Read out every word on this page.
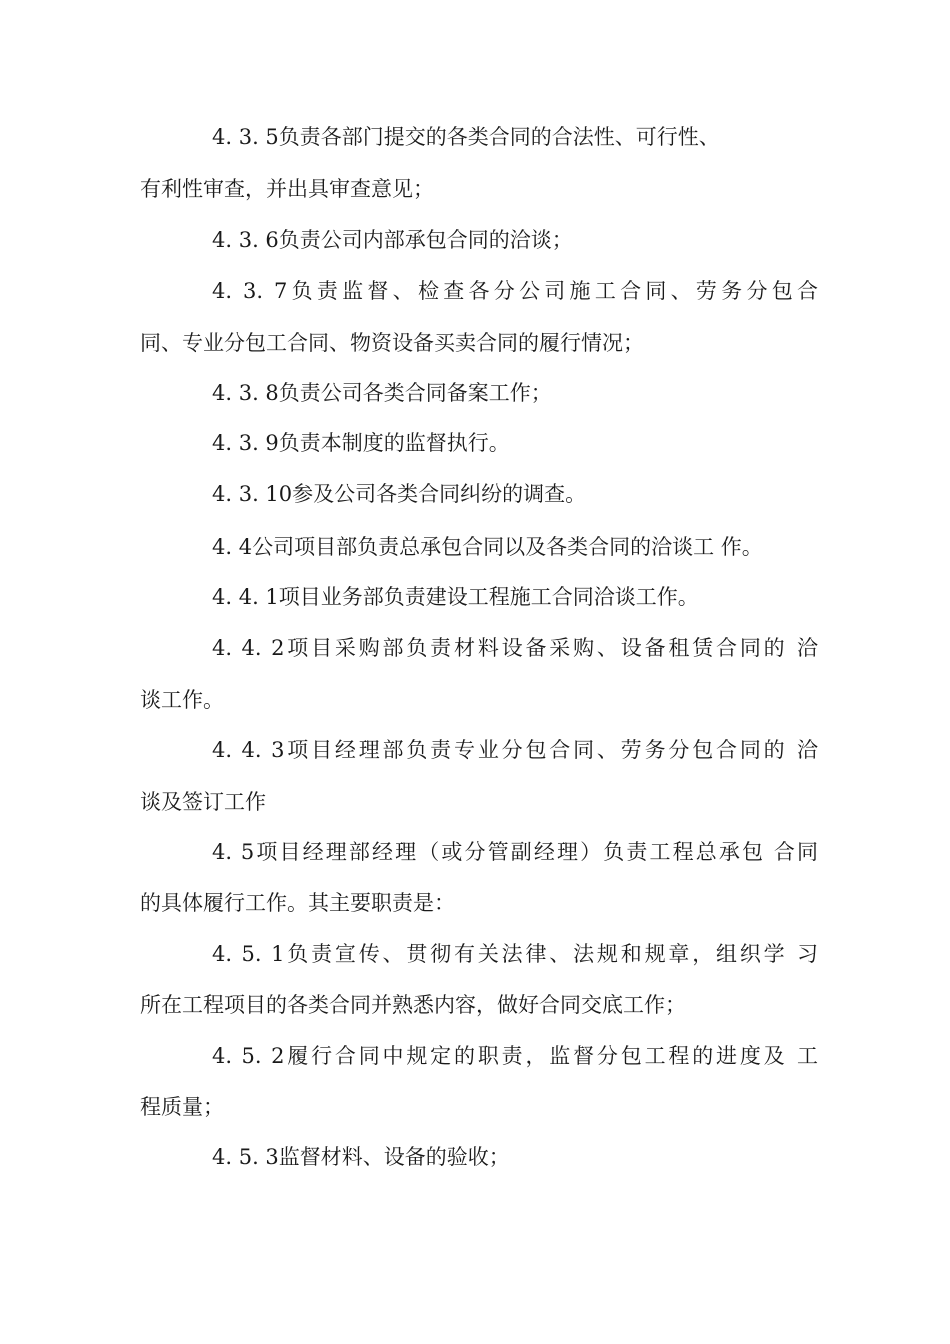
4. 3. 5负责各部门提交的各类合同的合法性、可行性、
有利性审查，并出具审查意见；
4. 3. 6负责公司内部承包合同的洽谈；
4. 3. 7负责监督、检查各分公司施工合同、劳务分包合
同、专业分包工合同、物资设备买卖合同的履行情况；
4. 3. 8负责公司各类合同备案工作；
4. 3. 9负责本制度的监督执行。
4. 3. 10参及公司各类合同纠纷的调查。
4. 4公司项目部负责总承包合同以及各类合同的洽谈工 作。
4. 4. 1项目业务部负责建设工程施工合同洽谈工作。
4. 4. 2项目采购部负责材料设备采购、设备租赁合同的 洽
谈工作。
4. 4. 3项目经理部负责专业分包合同、劳务分包合同的 洽
谈及签订工作
4. 5项目经理部经理（或分管副经理）负责工程总承包 合同
的具体履行工作。其主要职责是：
4. 5. 1负责宣传、贯彻有关法律、法规和规章，组织学 习
所在工程项目的各类合同并熟悉内容，做好合同交底工作；
4. 5. 2履行合同中规定的职责，监督分包工程的进度及 工
程质量；
4. 5. 3监督材料、设备的验收；
